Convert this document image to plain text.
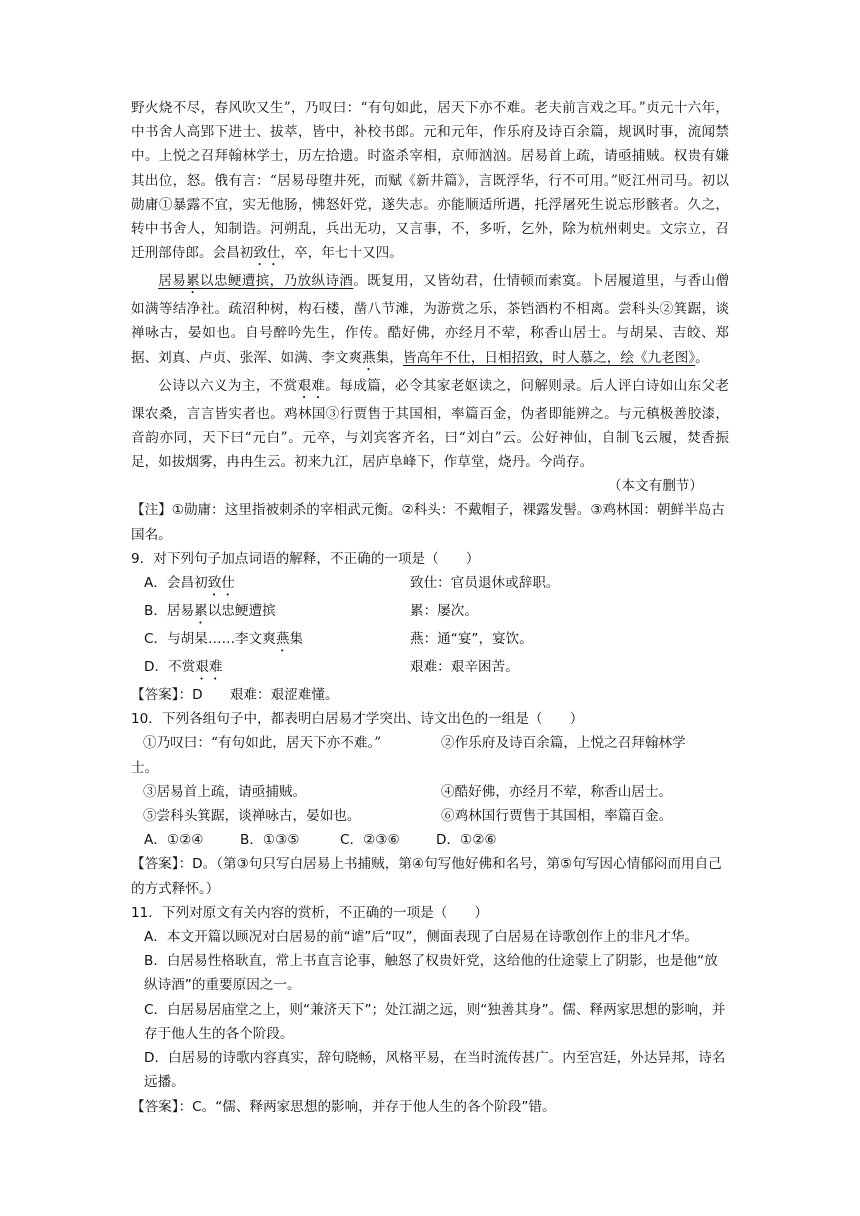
野火烧不尽，春风吹又生”，乃叹曰：“有句如此，居天下亦不难。老夫前言戏之耳。”贞元十六年，中书舍人高郢下进士、拔萃，皆中，补校书郎。元和元年，作乐府及诗百余篇，规讽时事，流闻禁中。上悦之召拜翰林学士，历左拾遗。时盗杀宰相，京师汹汹。居易首上疏，请亟捕贼。权贵有嫌其出位，怒。俄有言：“居易母堕井死，而赋《新井篇》，言既浮华，行不可用。”贬江州司马。初以勋庸①暴露不宜，实无他肠，怫怒奸党，遂失志。亦能顺适所遇，托浮屠死生说忘形骸者。久之，转中书舍人，知制诰。河朔乱，兵出无功，又言事，不，多听，乞外，除为杭州刺史。文宗立，召迁刑部侍郎。会昌初致仕，卒，年七十又四。

居易累以忠鲠遭摈，乃放纵诗酒。既复用，又皆幼君，仕情顿而索寞。卜居履道里，与香山僧如满等结净社。疏沼种树，构石楼，凿八节滩，为游赏之乐，茶铛酒杓不相离。尝科头②箕踞，谈禅咏古，晏如也。自号醉吟先生，作传。酷好佛，亦经月不荤，称香山居士。与胡杲、吉皎、郑据、刘真、卢贞、张浑、如满、李文爽燕集，皆高年不仕，日相招致，时人慕之，绘《九老图》。

公诗以六义为主，不赏艰难。每成篇，必令其家老妪读之，问解则录。后人评白诗如山东父老课农桑，言言皆实者也。鸡林国③行贾售于其国相，率篇百金，伪者即能辨之。与元稹极善胶漆，音韵亦同，天下曰“元白”。元卒，与刘宾客齐名，曰“刘白”云。公好神仙，自制飞云履，焚香振足，如拔烟雾，冉冉生云。初来九江，居庐阜峰下，作草堂，烧丹。今尚存。

（本文有删节）

【注】①勋庸：这里指被刺杀的宰相武元衡。②科头：不戴帽子，裸露发髻。③鸡林国：朝鲜半岛古国名。

9．对下列句子加点词语的解释，不正确的一项是（　　）

A．会昌初致仕	致仕：官员退休或辞职。
B．居易累以忠鲠遭摈	累：屡次。
C．与胡杲……李文爽燕集	燕：通“宴”，宴饮。
D．不赏艰难	艰难：艰辛困苦。

【答案】：D　　艰难：艰涩难懂。

10．下列各组句子中，都表明白居易才学突出、诗文出色的一组是（　　）

①乃叹曰：“有句如此，居天下亦不难。”	②作乐府及诗百余篇，上悦之召拜翰林学
士。
③居易首上疏，请亟捕贼。	④酷好佛，亦经月不荤，称香山居士。
⑤尝科头箕踞，谈禅咏古，晏如也。	⑥鸡林国行贾售于其国相，率篇百金。
A．①②④	B．①③⑤	C．②③⑥	D．①②⑥

【答案】：D。（第③句只写白居易上书捕贼，第④句写他好佛和名号，第⑤句写因心情郁闷而用自己的方式释怀。）

11．下列对原文有关内容的赏析，不正确的一项是（　　）

A．本文开篇以顾况对白居易的前“谑”后“叹”，侧面表现了白居易在诗歌创作上的非凡才华。

B．白居易性格耿直，常上书直言论事，触怒了权贵奸党，这给他的仕途蒙上了阴影，也是他“放纵诗酒”的重要原因之一。

C．白居易居庙堂之上，则“兼济天下”；处江湖之远，则“独善其身”。儒、释两家思想的影响，并存于他人生的各个阶段。

D．白居易的诗歌内容真实，辞句晓畅，风格平易，在当时流传甚广。内至宫廷，外达异邦，诗名远播。

【答案】：C。“儒、释两家思想的影响，并存于他人生的各个阶段”错。
